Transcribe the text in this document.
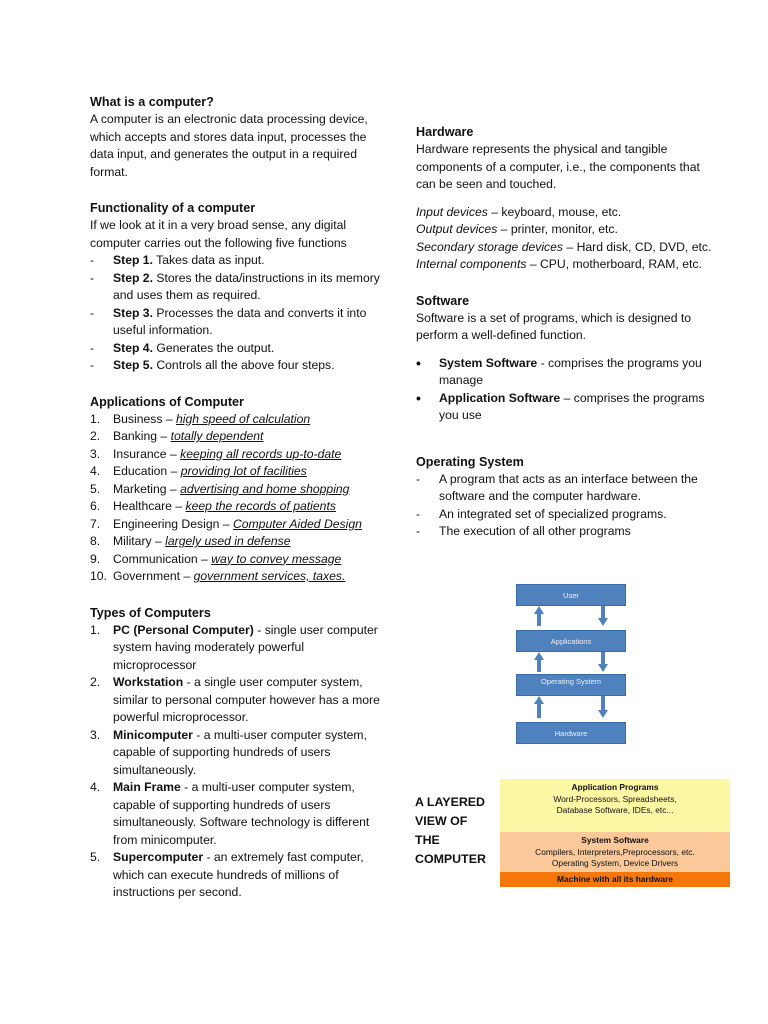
What is a computer?

A computer is an electronic data processing device, which accepts and stores data input, processes the data input, and generates the output in a required format.

Functionality of a computer

If we look at it in a very broad sense, any digital computer carries out the following five functions

-	Step 1. Takes data as input.
-	Step 2. Stores the data/instructions in its memory and uses them as required.
-	Step 3. Processes the data and converts it into useful information.
-	Step 4. Generates the output.
-	Step 5. Controls all the above four steps.
Applications of Computer
1.	Business – high speed of calculation
2.	Banking – totally dependent
3.	Insurance – keeping all records up-to-date
4.	Education – providing lot of facilities
5.	Marketing – advertising and home shopping
6.	Healthcare – keep the records of patients
7.	Engineering Design – Computer Aided Design
8.	Military – largely used in defense
9.	Communication – way to convey message
10. Government – government services, taxes.
Types of Computers
1.	PC (Personal Computer) - single user computer system having moderately powerful microprocessor
2.	Workstation - a single user computer system, similar to personal computer however has a more powerful microprocessor.
3.	Minicomputer - a multi-user computer system, capable of supporting hundreds of users simultaneously.
4.	Main Frame - a multi-user computer system, capable of supporting hundreds of users simultaneously. Software technology is different from minicomputer.
5.	Supercomputer - an extremely fast computer, which can execute hundreds of millions of instructions per second.
Hardware

Hardware represents the physical and tangible components of a computer, i.e., the components that can be seen and touched.

Input devices – keyboard, mouse, etc.

Output devices – printer, monitor, etc.

Secondary storage devices – Hard disk, CD, DVD, etc.

Internal components – CPU, motherboard, RAM, etc.

Software

Software is a set of programs, which is designed to perform a well-defined function.

•	System Software - comprises the programs you manage
•	Application Software – comprises the programs you use
Operating System
-	A program that acts as an interface between the software and the computer hardware.
-	An integrated set of specialized programs.
-	The execution of all other programs
User
Applications
Operating System
Hardware
A LAYERED VIEW OF THE COMPUTER
Application Programs
Word-Processors, Spreadsheets, Database Software, IDEs, etc...
System Software
Compilers, Interpreters,Preprocessors, etc. Operating System, Device Drivers
Machine with all its hardware
